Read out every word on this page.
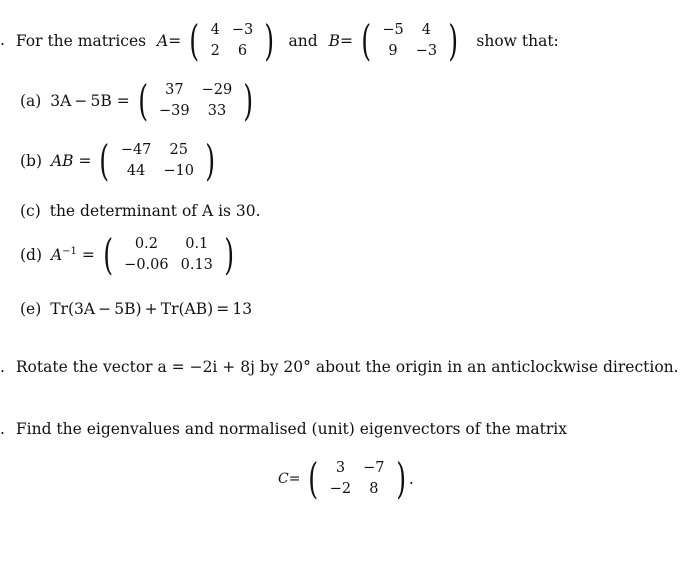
. For the matrices A= ( 4	−3
2	6 ) and B= ( −5	4
9	−3 ) show that:
(a) 3A − 5B = ( 37	−29
−39	33 )
(b) AB = ( −47	25
44	−10 )
(c) the determinant of A is 30.
(d) $A^{-1}$ = ( 0.2	0.1
−0.06	0.13 )
(e) Tr(3A − 5B) + Tr(AB) = 13
. Rotate the vector a = −2i + 8j by 20° about the origin in an anticlockwise direction.
. Find the eigenvalues and normalised (unit) eigenvectors of the matrix
C= ( 3	−7
−2	8 ) .
